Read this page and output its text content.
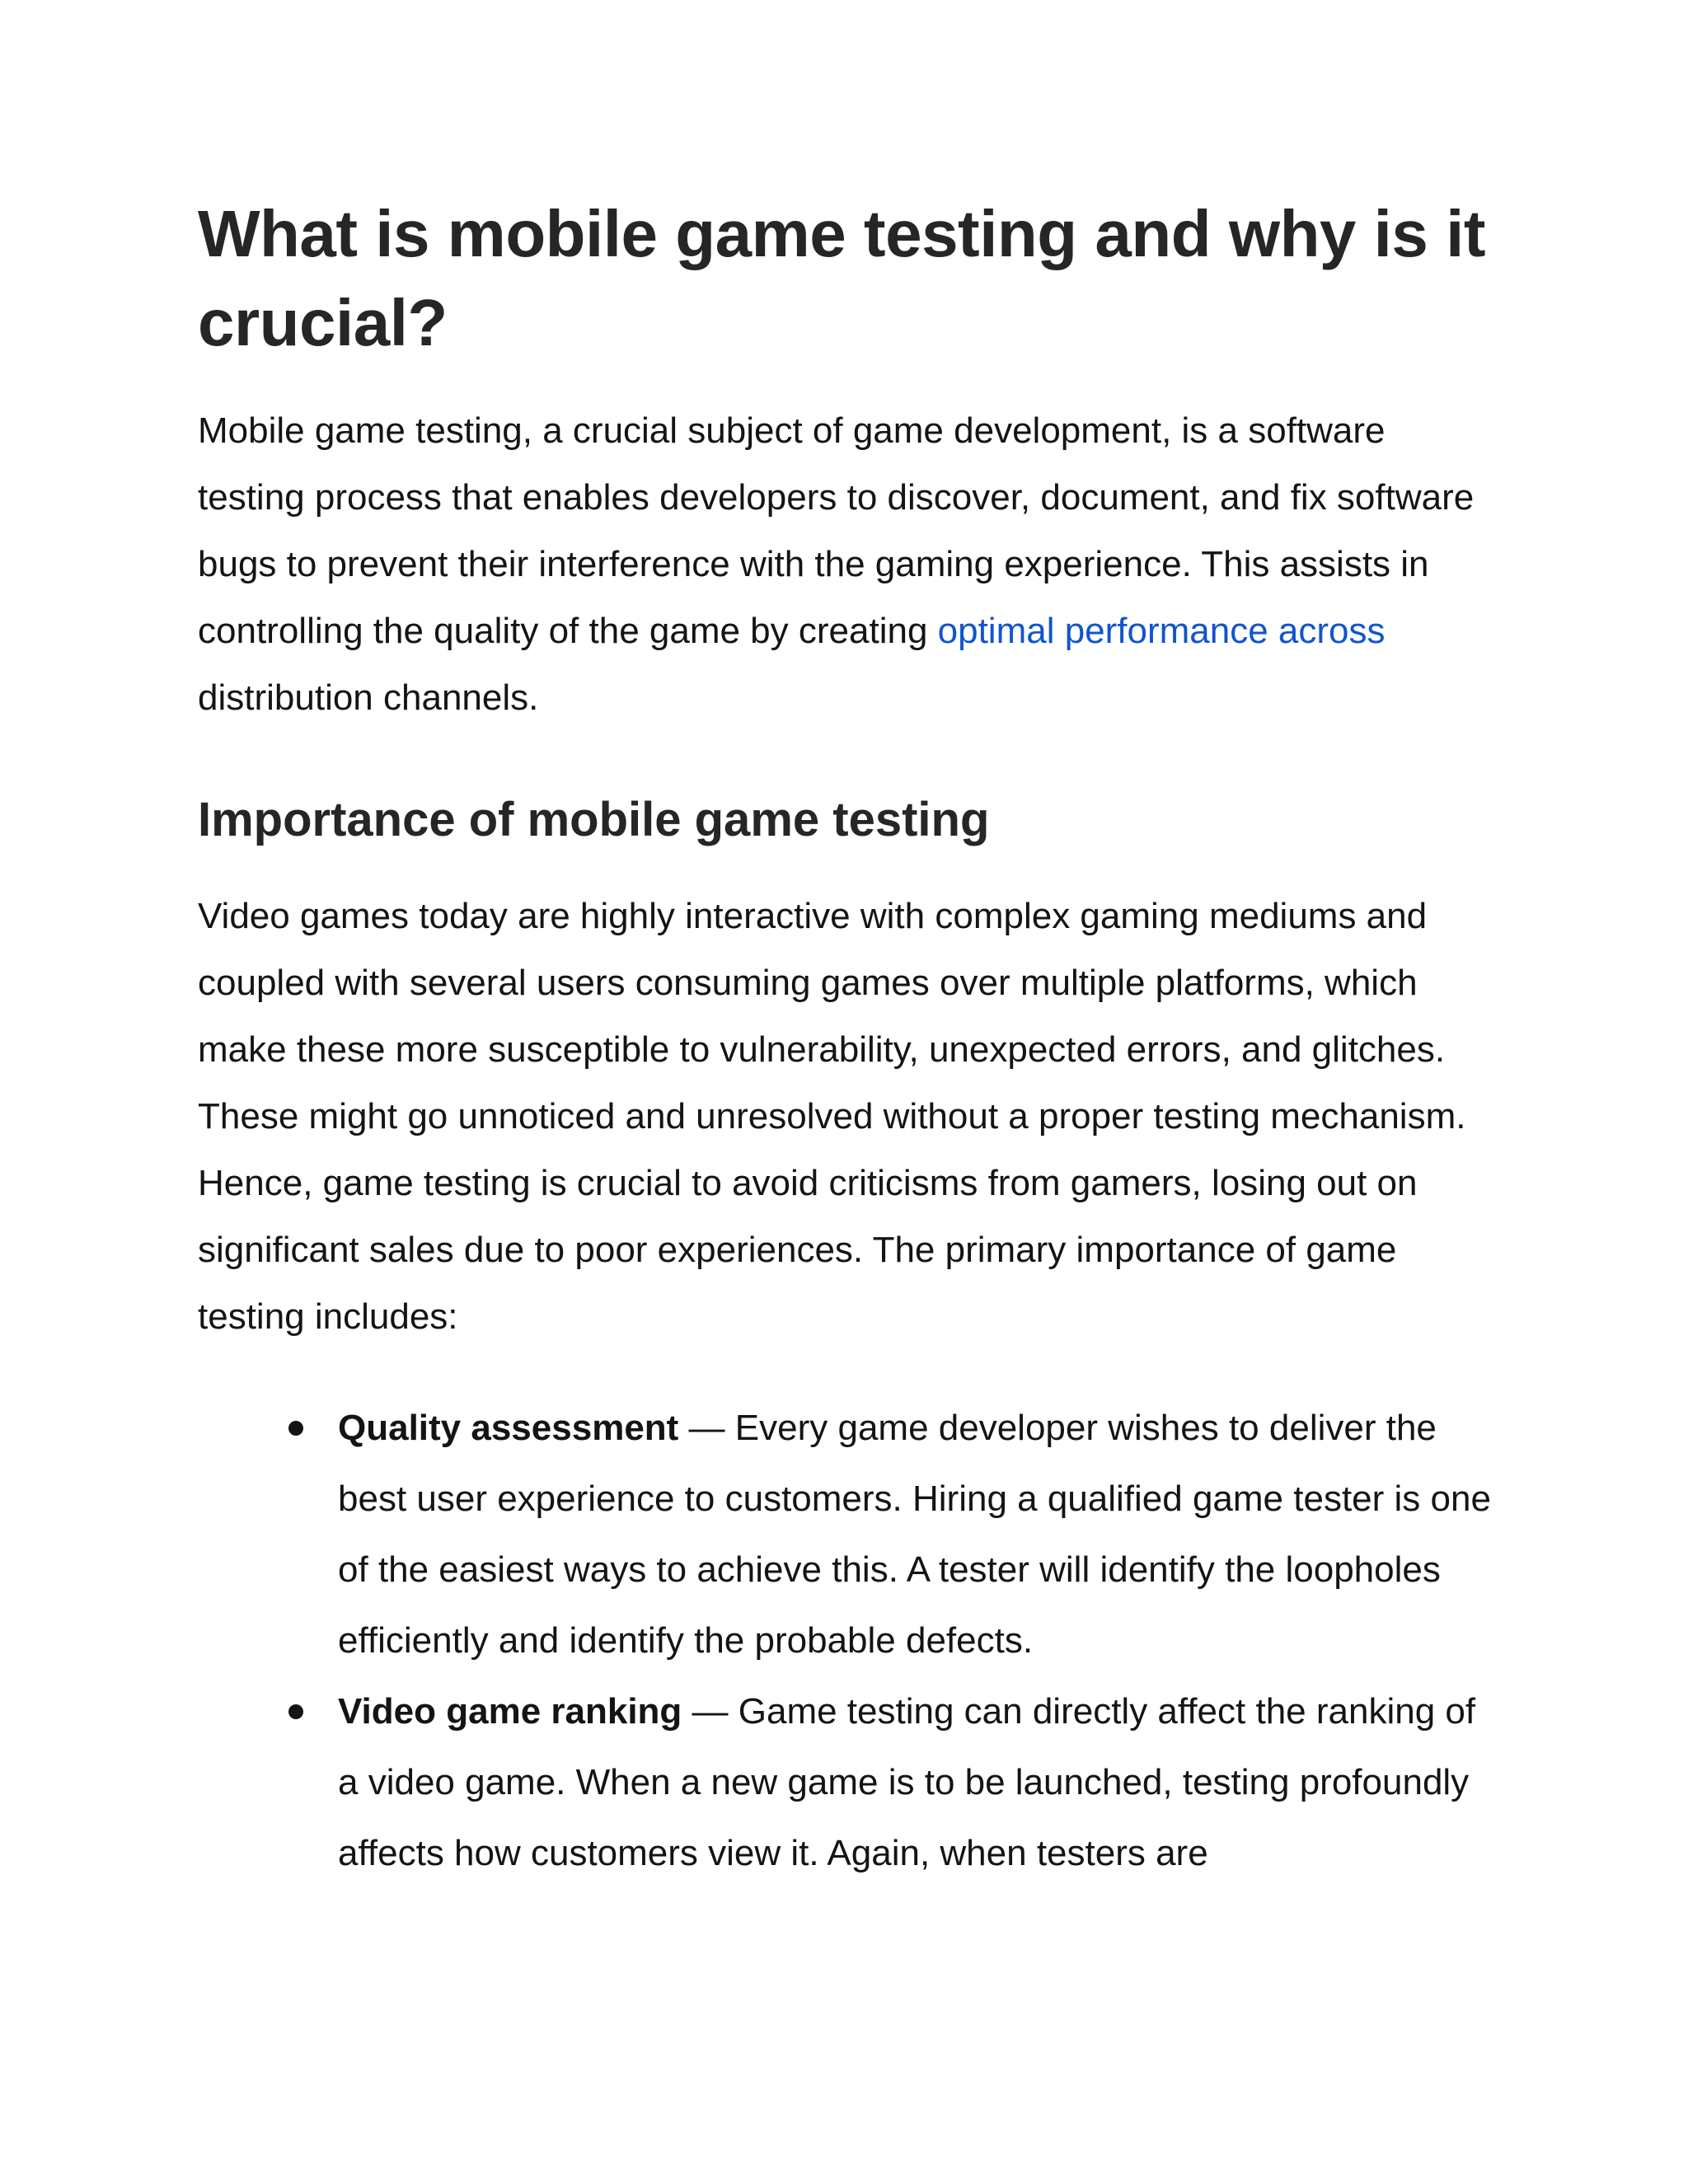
What is mobile game testing and why is it crucial?

Mobile game testing, a crucial subject of game development, is a software testing process that enables developers to discover, document, and fix software bugs to prevent their interference with the gaming experience. This assists in controlling the quality of the game by creating optimal performance across distribution channels.

Importance of mobile game testing

Video games today are highly interactive with complex gaming mediums and coupled with several users consuming games over multiple platforms, which make these more susceptible to vulnerability, unexpected errors, and glitches. These might go unnoticed and unresolved without a proper testing mechanism. Hence, game testing is crucial to avoid criticisms from gamers, losing out on significant sales due to poor experiences. The primary importance of game testing includes:

Quality assessment — Every game developer wishes to deliver the best user experience to customers. Hiring a qualified game tester is one of the easiest ways to achieve this. A tester will identify the loopholes efficiently and identify the probable defects.
Video game ranking — Game testing can directly affect the ranking of a video game. When a new game is to be launched, testing profoundly affects how customers view it. Again, when testers are
